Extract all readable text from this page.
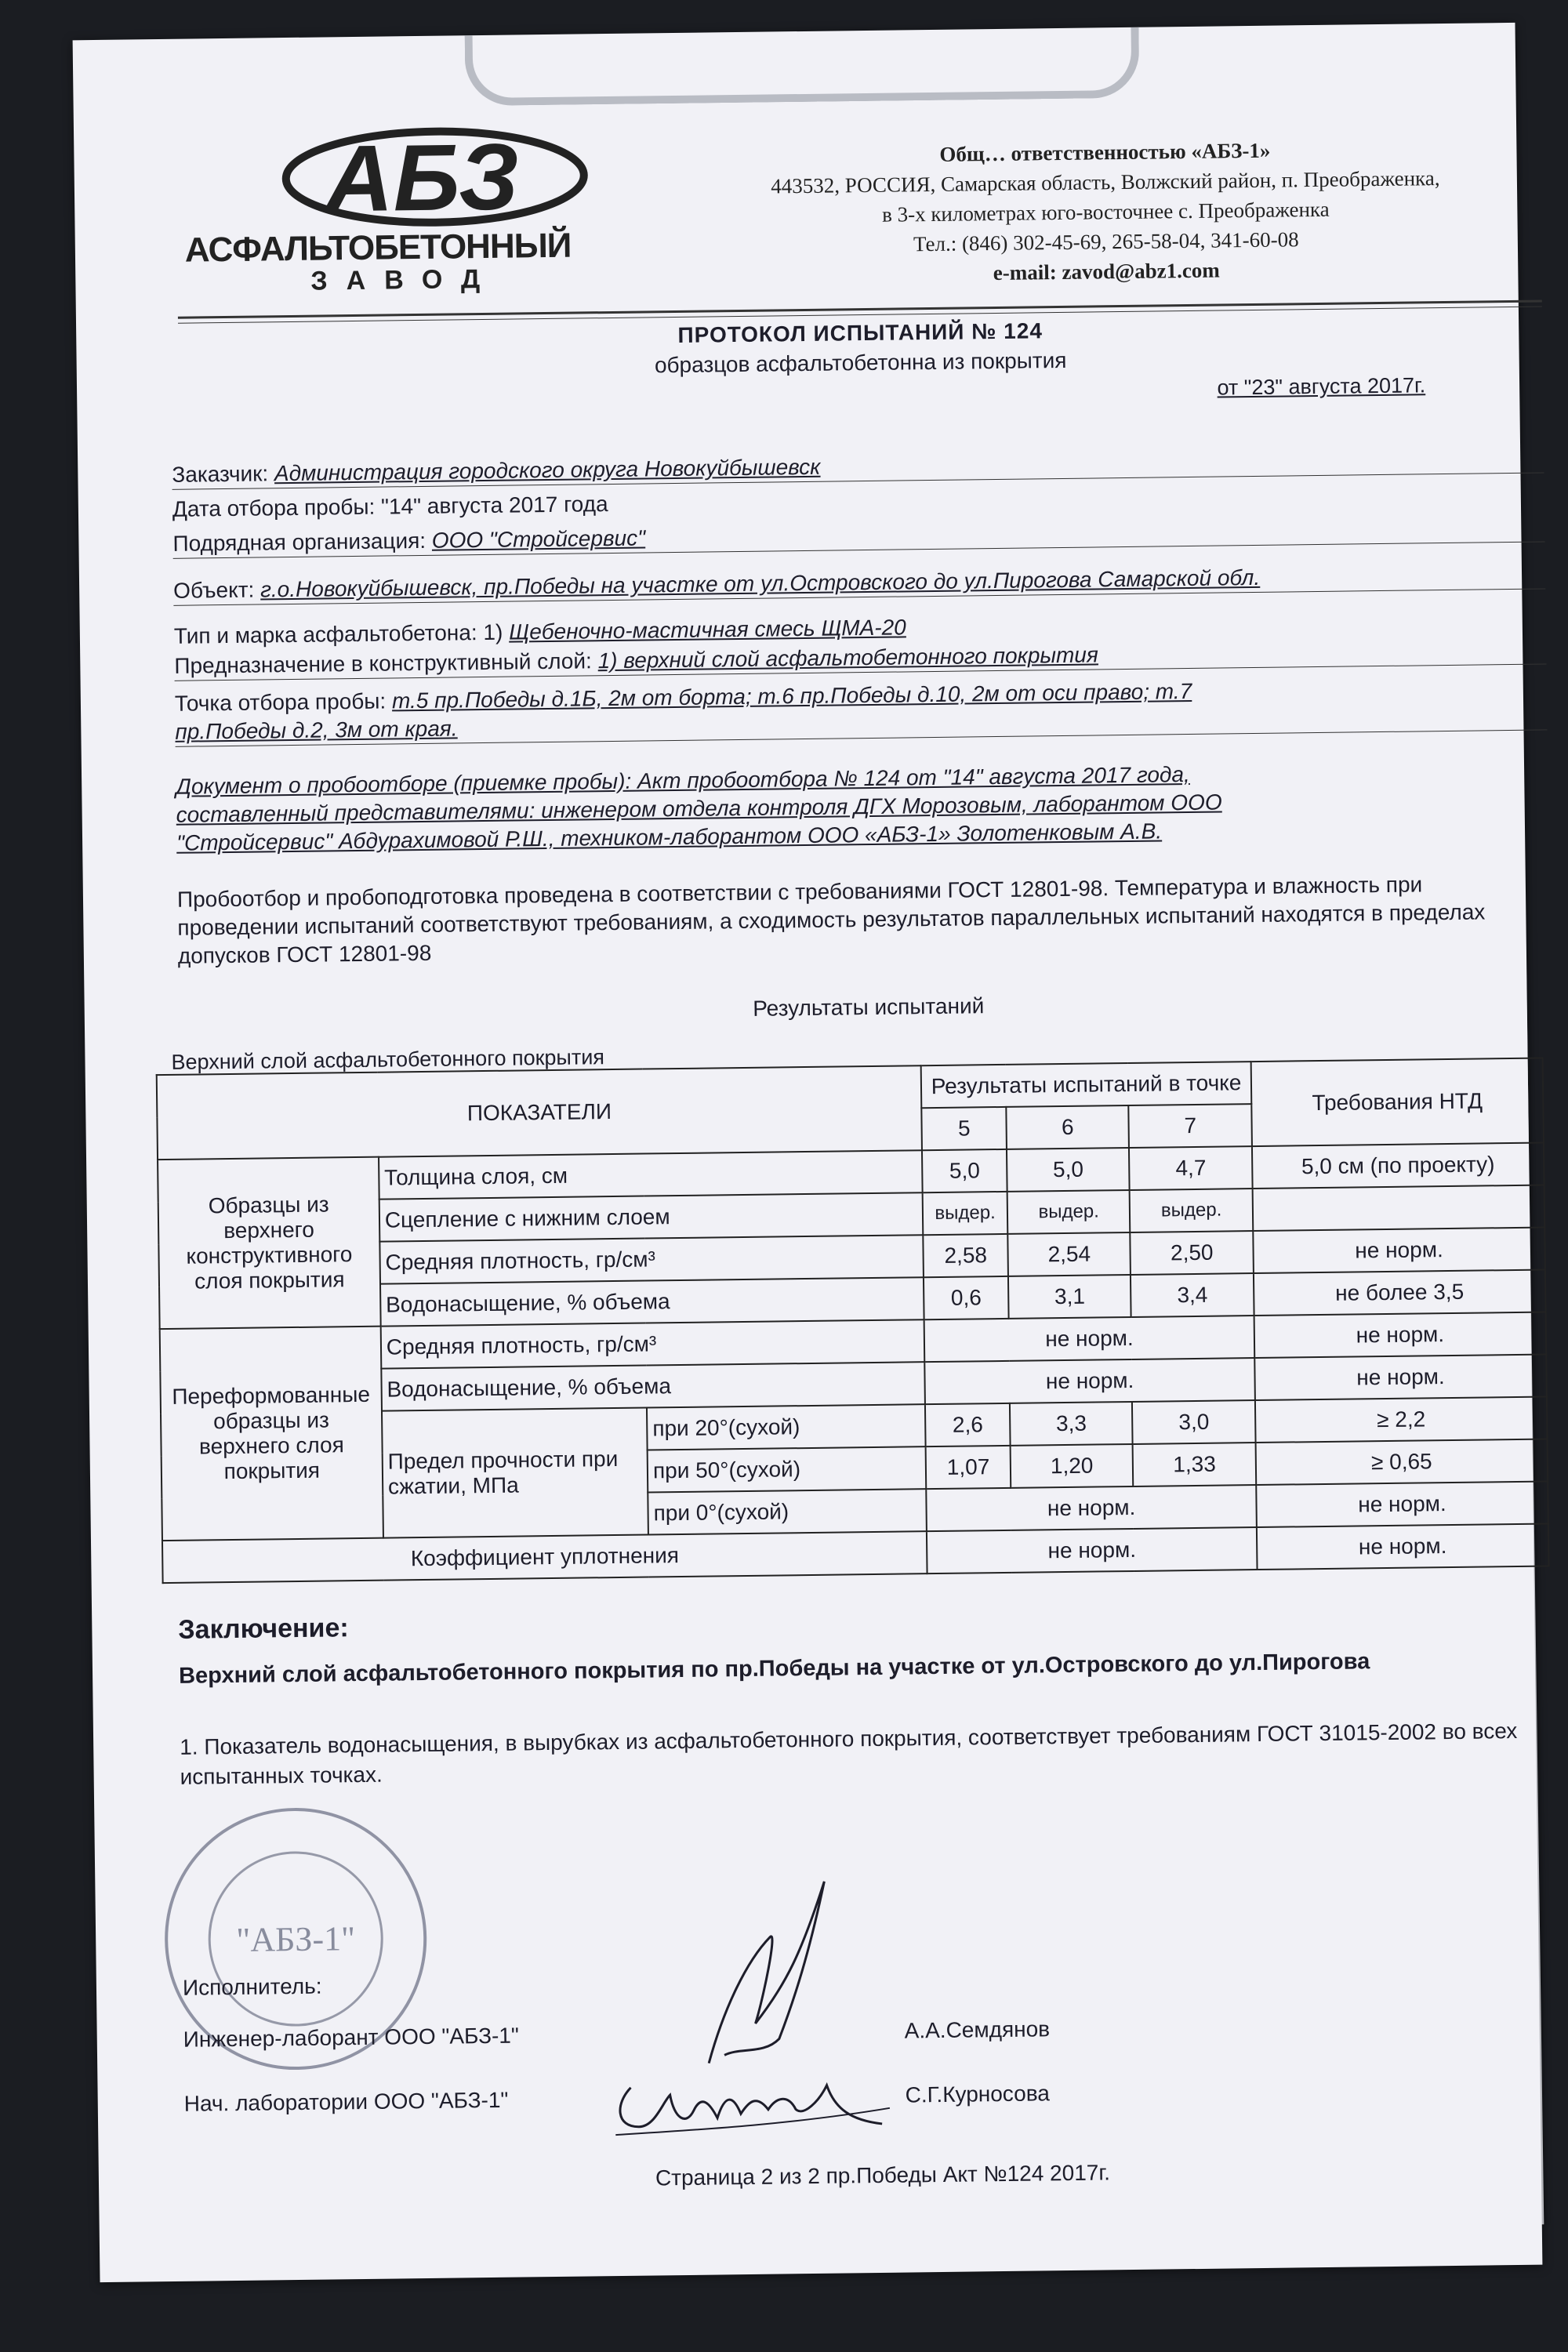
АБЗ
АСФАЛЬТОБЕТОННЫЙ
ЗАВОД
Общ… ответственностью «АБЗ-1»
443532, РОССИЯ, Самарская область, Волжский район, п. Преображенка,
в 3-х километрах юго-восточнее с. Преображенка
Тел.: (846) 302-45-69, 265-58-04, 341-60-08
e-mail: zavod@abz1.com
ПРОТОКОЛ ИСПЫТАНИЙ № 124
образцов асфальтобетонна из покрытия
от "23" августа 2017г.
Заказчик: Администрация городского округа Новокуйбышевск
Дата отбора пробы: "14" августа 2017 года
Подрядная организация: ООО "Стройсервис"
Объект: г.о.Новокуйбышевск, пр.Победы на участке от ул.Островского до ул.Пирогова Самарской обл.
Тип и марка асфальтобетона: 1) Щебеночно-мастичная смесь ЩМА-20
Предназначение в конструктивный слой: 1) верхний слой асфальтобетонного покрытия
Точка отбора пробы: т.5 пр.Победы д.1Б, 2м от борта; т.6 пр.Победы д.10, 2м от оси право; т.7
пр.Победы д.2, 3м от края.
Документ о пробоотборе (приемке пробы): Акт пробоотбора № 124 от "14" августа 2017 года,
составленный представителями: инженером отдела контроля ДГХ Морозовым, лаборантом ООО
"Стройсервис" Абдурахимовой Р.Ш., техником-лаборантом ООО «АБЗ-1» Золотенковым А.В.
Пробоотбор и пробоподготовка проведена в соответствии с требованиями ГОСТ 12801-98. Температура и влажность при проведении испытаний соответствуют требованиям, а сходимость результатов параллельных испытаний находятся в пределах допусков ГОСТ 12801-98
Результаты испытаний
Верхний слой асфальтобетонного покрытия
ПОКАЗАТЕЛИ			Результаты испытаний в точке			Требования НТД
			5	6	7	
Образцы из верхнего конструктивного слоя покрытия	Толщина слоя, см		5,0	5,0	4,7	5,0 см (по проекту)
	Сцепление с нижним слоем		выдер.	выдер.	выдер.	
	Средняя плотность, гр/см³		2,58	2,54	2,50	не норм.
	Водонасыщение, % объема		0,6	3,1	3,4	не более 3,5
Переформованные образцы из верхнего слоя покрытия	Средняя плотность, гр/см³		не норм.			не норм.
	Водонасыщение, % объема		не норм.			не норм.
	Предел прочности при сжатии, МПа	при 20°(сухой)	2,6	3,3	3,0	≥ 2,2
		при 50°(сухой)	1,07	1,20	1,33	≥ 0,65
		при 0°(сухой)	не норм.			не норм.
Коэффициент уплотнения			не норм.			не норм.
Заключение:
Верхний слой асфальтобетонного покрытия по пр.Победы на участке от ул.Островского до ул.Пирогова
1. Показатель водонасыщения, в вырубках из асфальтобетонного покрытия, соответствует требованиям ГОСТ 31015-2002 во всех испытанных точках.
"АБЗ-1"
Исполнитель:
Инженер-лаборант ООО "АБЗ-1"	А.А.Семдянов
Нач. лаборатории ООО "АБЗ-1"	С.Г.Курносова
Страница 2 из 2 пр.Победы Акт №124 2017г.
